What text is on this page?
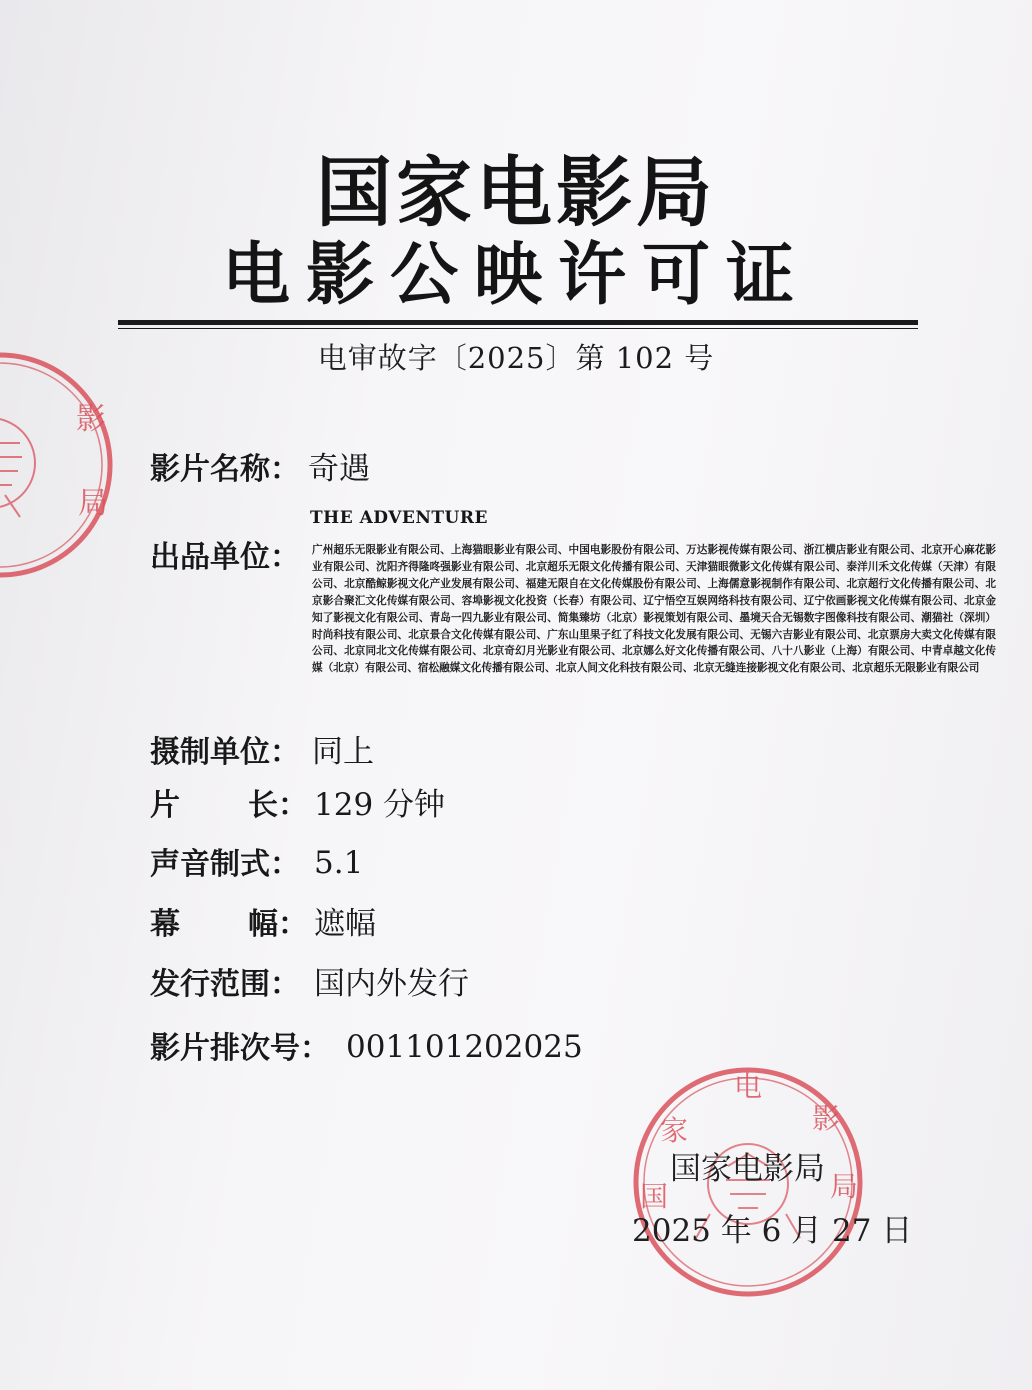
影
局
国家电影局
电影公映许可证
电审故字〔2025〕第 102 号
影片名称： 奇遇
THE ADVENTURE
出品单位： 广州超乐无限影业有限公司、上海猫眼影业有限公司、中国电影股份有限公司、万达影视传媒有限公司、浙江横店影业有限公司、北京开心麻花影业有限公司、沈阳齐得隆咚强影业有限公司、北京超乐无限文化传播有限公司、天津猫眼微影文化传媒有限公司、泰洋川禾文化传媒（天津）有限公司、北京酷鲸影视文化产业发展有限公司、福建无限自在文化传媒股份有限公司、上海儒意影视制作有限公司、北京超行文化传播有限公司、北京影合聚汇文化传媒有限公司、容埠影视文化投资（长春）有限公司、辽宁悟空互娱网络科技有限公司、辽宁依画影视文化传媒有限公司、北京金知了影视文化有限公司、青岛一四九影业有限公司、简集臻坊（北京）影视策划有限公司、墨境天合无锡数字图像科技有限公司、潮猫社（深圳）时尚科技有限公司、北京景合文化传媒有限公司、广东山里果子红了科技文化发展有限公司、无锡六吉影业有限公司、北京票房大卖文化传媒有限公司、北京同北文化传媒有限公司、北京奇幻月光影业有限公司、北京娜么好文化传播有限公司、八十八影业（上海）有限公司、中青卓越文化传媒（北京）有限公司、宿松融媒文化传播有限公司、北京人间文化科技有限公司、北京无缝连接影视文化有限公司、北京超乐无限影业有限公司
摄制单位： 同上
片 长： 129 分钟
声音制式： 5.1
幕 幅： 遮幅
发行范围： 国内外发行
影片排次号： 001101202025
电
影
局
家
国
国家电影局
2025 年 6 月 27 日
